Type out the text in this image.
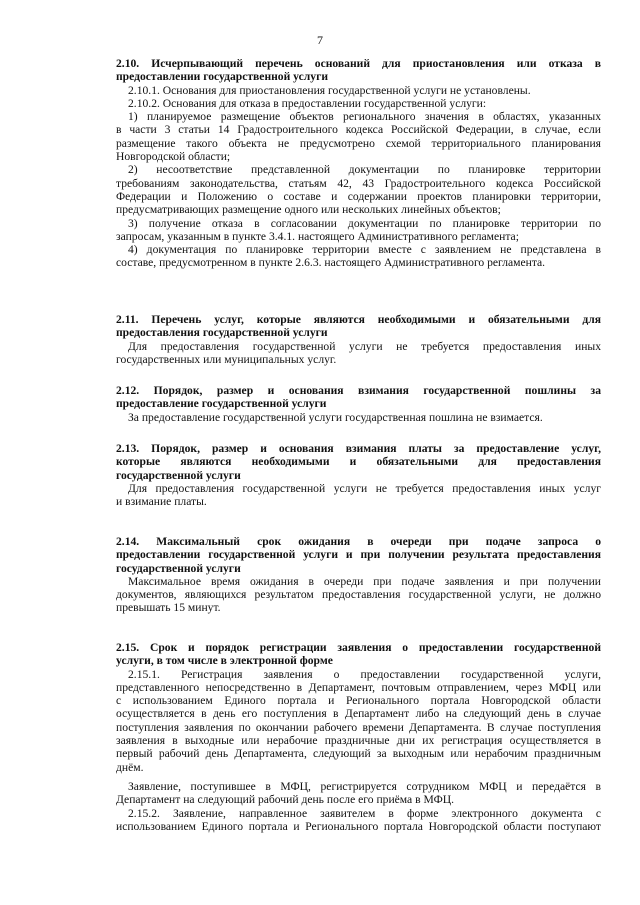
7
2.10. Исчерпывающий перечень оснований для приостановления или отказа в
предоставлении государственной услуги
2.10.1. Основания для приостановления государственной услуги не установлены.
2.10.2. Основания для отказа в предоставлении государственной услуги:
1) планируемое размещение объектов регионального значения в областях, указанных
в части 3 статьи 14 Градостроительного кодекса Российской Федерации, в случае, если
размещение такого объекта не предусмотрено схемой территориального планирования
Новгородской области;
2) несоответствие представленной документации по планировке территории
требованиям законодательства, статьям 42, 43 Градостроительного кодекса Российской
Федерации и Положению о составе и содержании проектов планировки территории,
предусматривающих размещение одного или нескольких линейных объектов;
3) получение отказа в согласовании документации по планировке территории по
запросам, указанным в пункте 3.4.1. настоящего Административного регламента;
4) документация по планировке территории вместе с заявлением не представлена в
составе, предусмотренном в пункте 2.6.3. настоящего Административного регламента.
2.11. Перечень услуг, которые являются необходимыми и обязательными для
предоставления государственной услуги
Для предоставления государственной услуги не требуется предоставления иных
государственных или муниципальных услуг.
2.12. Порядок, размер и основания взимания государственной пошлины за
предоставление государственной услуги
За предоставление государственной услуги государственная пошлина не взимается.
2.13. Порядок, размер и основания взимания платы за предоставление услуг,
которые являются необходимыми и обязательными для предоставления
государственной услуги
Для предоставления государственной услуги не требуется предоставления иных услуг
и взимание платы.
2.14. Максимальный срок ожидания в очереди при подаче запроса о
предоставлении государственной услуги и при получении результата предоставления
государственной услуги
Максимальное время ожидания в очереди при подаче заявления и при получении
документов, являющихся результатом предоставления государственной услуги, не должно
превышать 15 минут.
2.15. Срок и порядок регистрации заявления о предоставлении государственной
услуги, в том числе в электронной форме
2.15.1. Регистрация заявления о предоставлении государственной услуги,
представленного непосредственно в Департамент, почтовым отправлением, через МФЦ или
с использованием Единого портала и Регионального портала Новгородской области
осуществляется в день его поступления в Департамент либо на следующий день в случае
поступления заявления по окончании рабочего времени Департамента. В случае поступления
заявления в выходные или нерабочие праздничные дни их регистрация осуществляется в
первый рабочий день Департамента, следующий за выходным или нерабочим праздничным
днём.
Заявление, поступившее в МФЦ, регистрируется сотрудником МФЦ и передаётся в
Департамент на следующий рабочий день после его приёма в МФЦ.
2.15.2. Заявление, направленное заявителем в форме электронного документа с
использованием Единого портала и Регионального портала Новгородской области поступают
